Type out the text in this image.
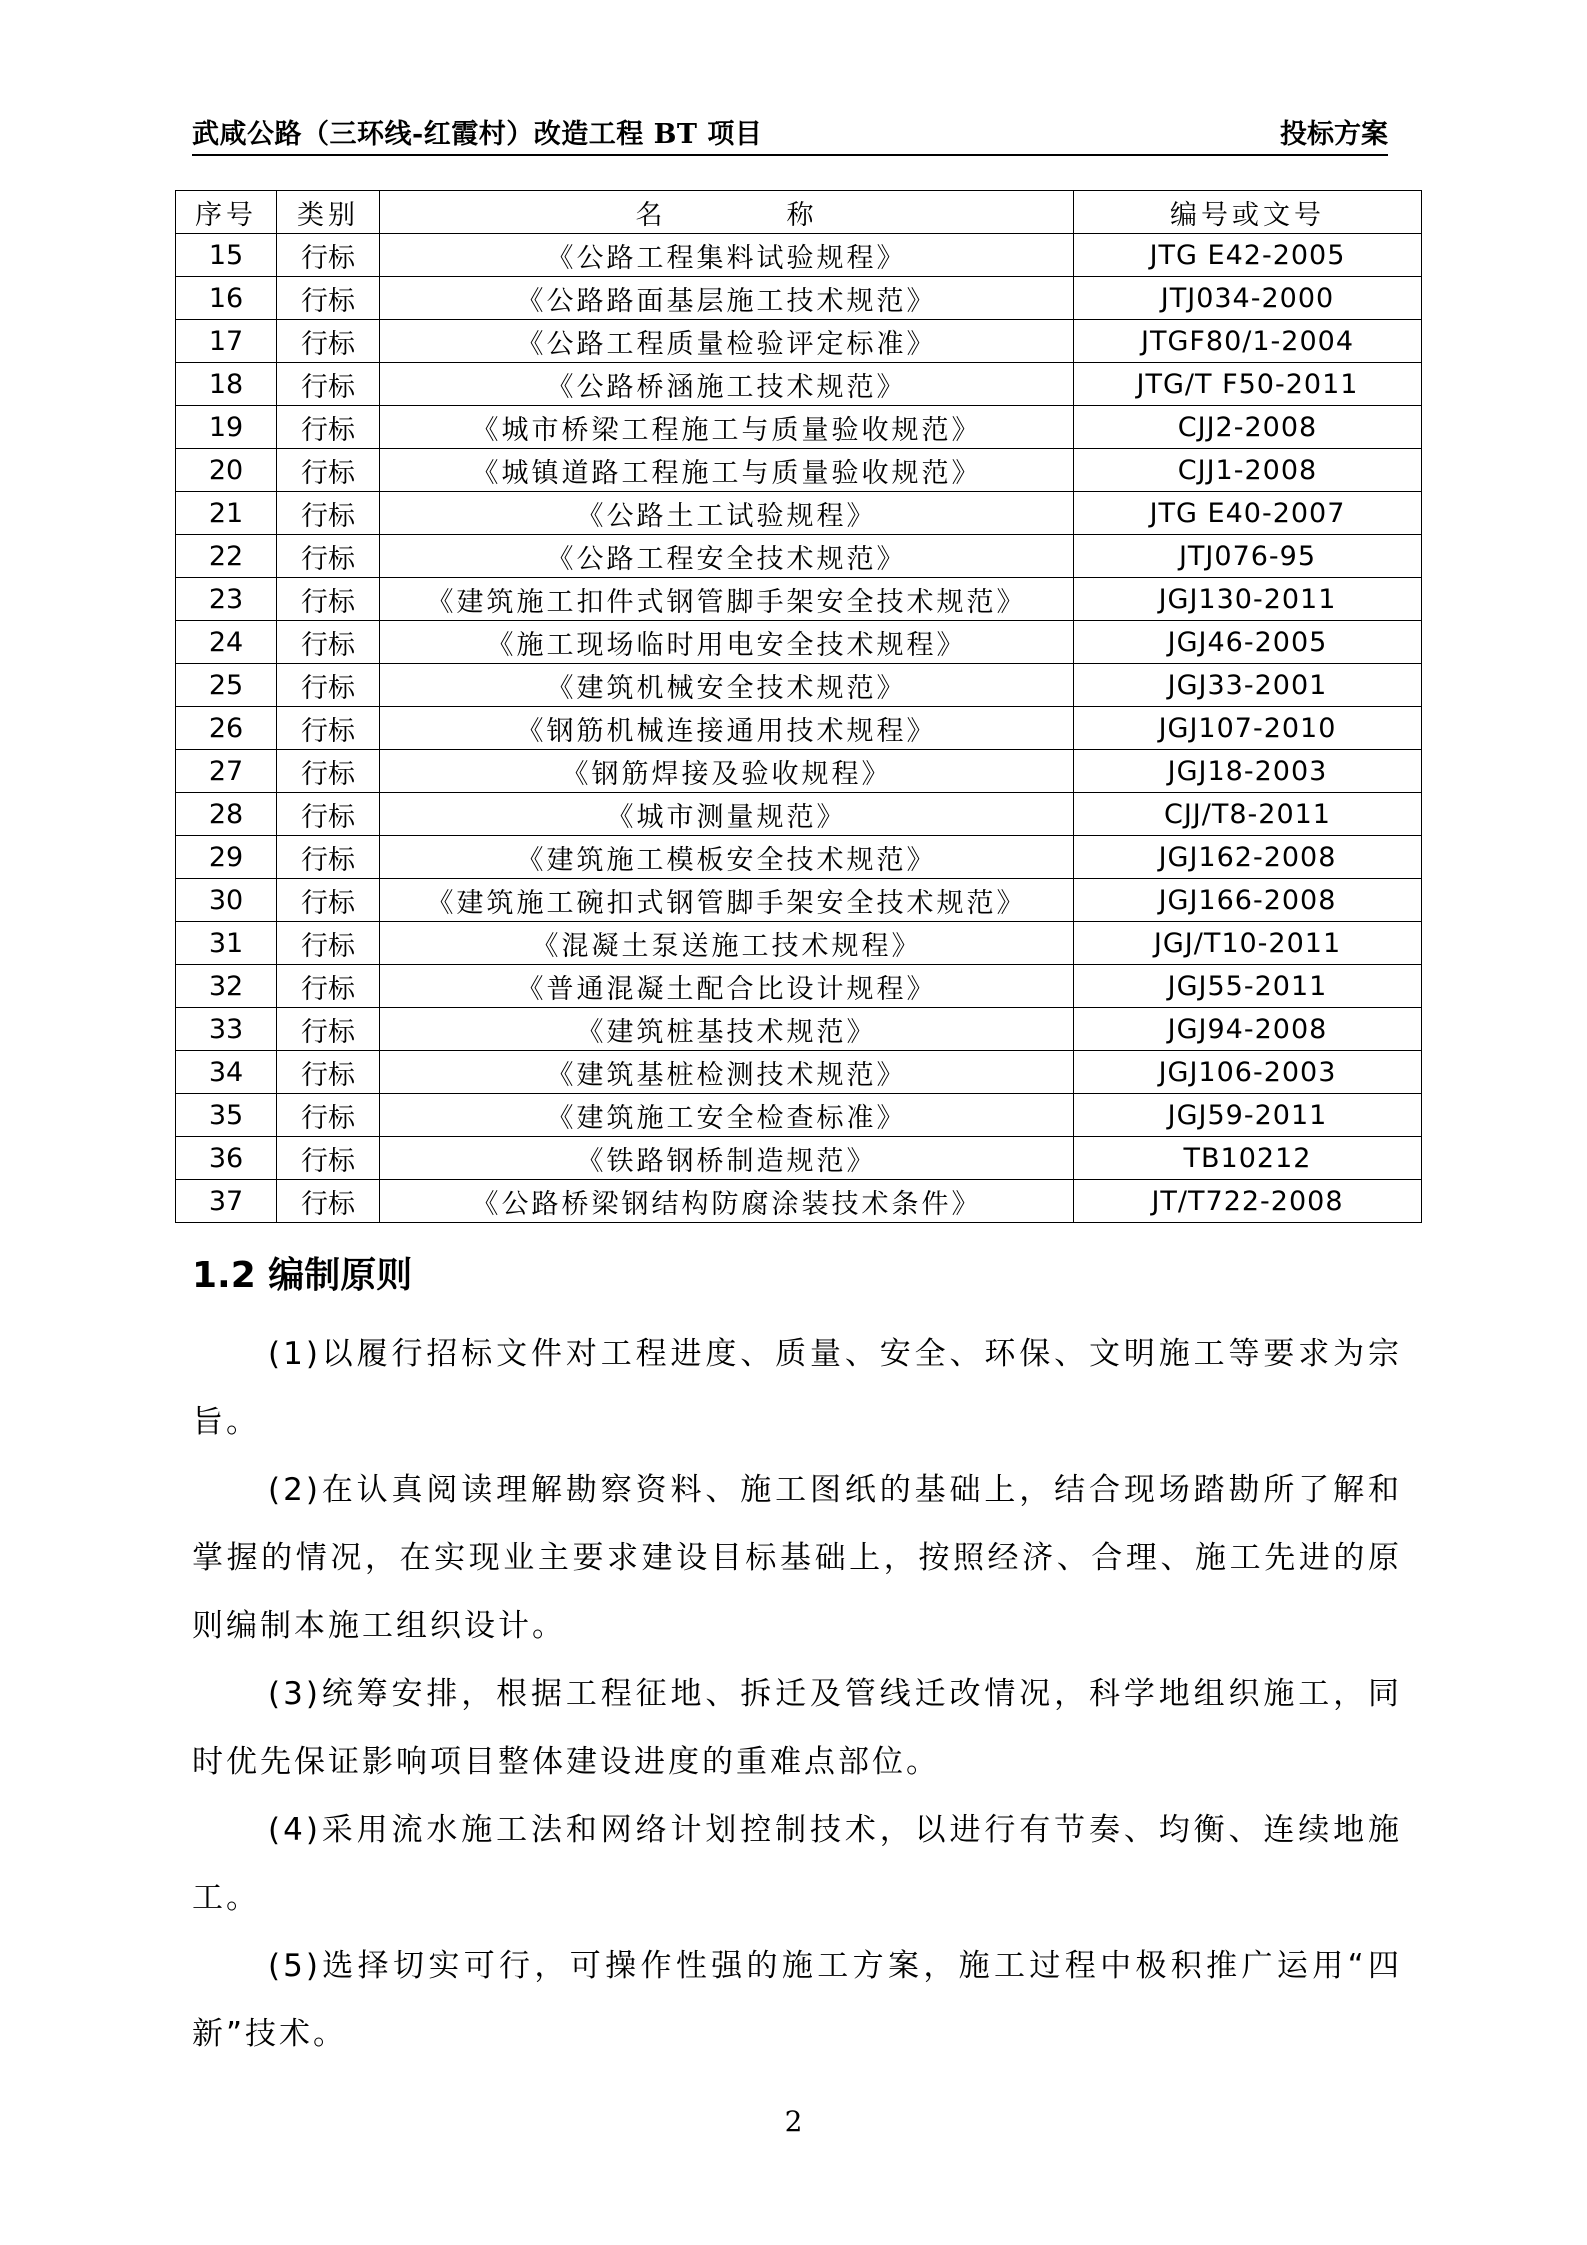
武咸公路（三环线-红霞村）改造工程 BT 项目	投标方案
序号	类别	名 称	编号或文号
15	行标	《公路工程集料试验规程》	JTG E42-2005
16	行标	《公路路面基层施工技术规范》	JTJ034-2000
17	行标	《公路工程质量检验评定标准》	JTGF80/1-2004
18	行标	《公路桥涵施工技术规范》	JTG/T F50-2011
19	行标	《城市桥梁工程施工与质量验收规范》	CJJ2-2008
20	行标	《城镇道路工程施工与质量验收规范》	CJJ1-2008
21	行标	《公路土工试验规程》	JTG E40-2007
22	行标	《公路工程安全技术规范》	JTJ076-95
23	行标	《建筑施工扣件式钢管脚手架安全技术规范》	JGJ130-2011
24	行标	《施工现场临时用电安全技术规程》	JGJ46-2005
25	行标	《建筑机械安全技术规范》	JGJ33-2001
26	行标	《钢筋机械连接通用技术规程》	JGJ107-2010
27	行标	《钢筋焊接及验收规程》	JGJ18-2003
28	行标	《城市测量规范》	CJJ/T8-2011
29	行标	《建筑施工模板安全技术规范》	JGJ162-2008
30	行标	《建筑施工碗扣式钢管脚手架安全技术规范》	JGJ166-2008
31	行标	《混凝土泵送施工技术规程》	JGJ/T10-2011
32	行标	《普通混凝土配合比设计规程》	JGJ55-2011
33	行标	《建筑桩基技术规范》	JGJ94-2008
34	行标	《建筑基桩检测技术规范》	JGJ106-2003
35	行标	《建筑施工安全检查标准》	JGJ59-2011
36	行标	《铁路钢桥制造规范》	TB10212
37	行标	《公路桥梁钢结构防腐涂装技术条件》	JT/T722-2008
1.2 编制原则

(1)以履行招标文件对工程进度、质量、安全、环保、文明施工等要求为宗旨。

(2)在认真阅读理解勘察资料、施工图纸的基础上，结合现场踏勘所了解和掌握的情况，在实现业主要求建设目标基础上，按照经济、合理、施工先进的原则编制本施工组织设计。

(3)统筹安排，根据工程征地、拆迁及管线迁改情况，科学地组织施工，同时优先保证影响项目整体建设进度的重难点部位。

(4)采用流水施工法和网络计划控制技术，以进行有节奏、均衡、连续地施工。

(5)选择切实可行，可操作性强的施工方案，施工过程中极积推广运用“四新”技术。

2
